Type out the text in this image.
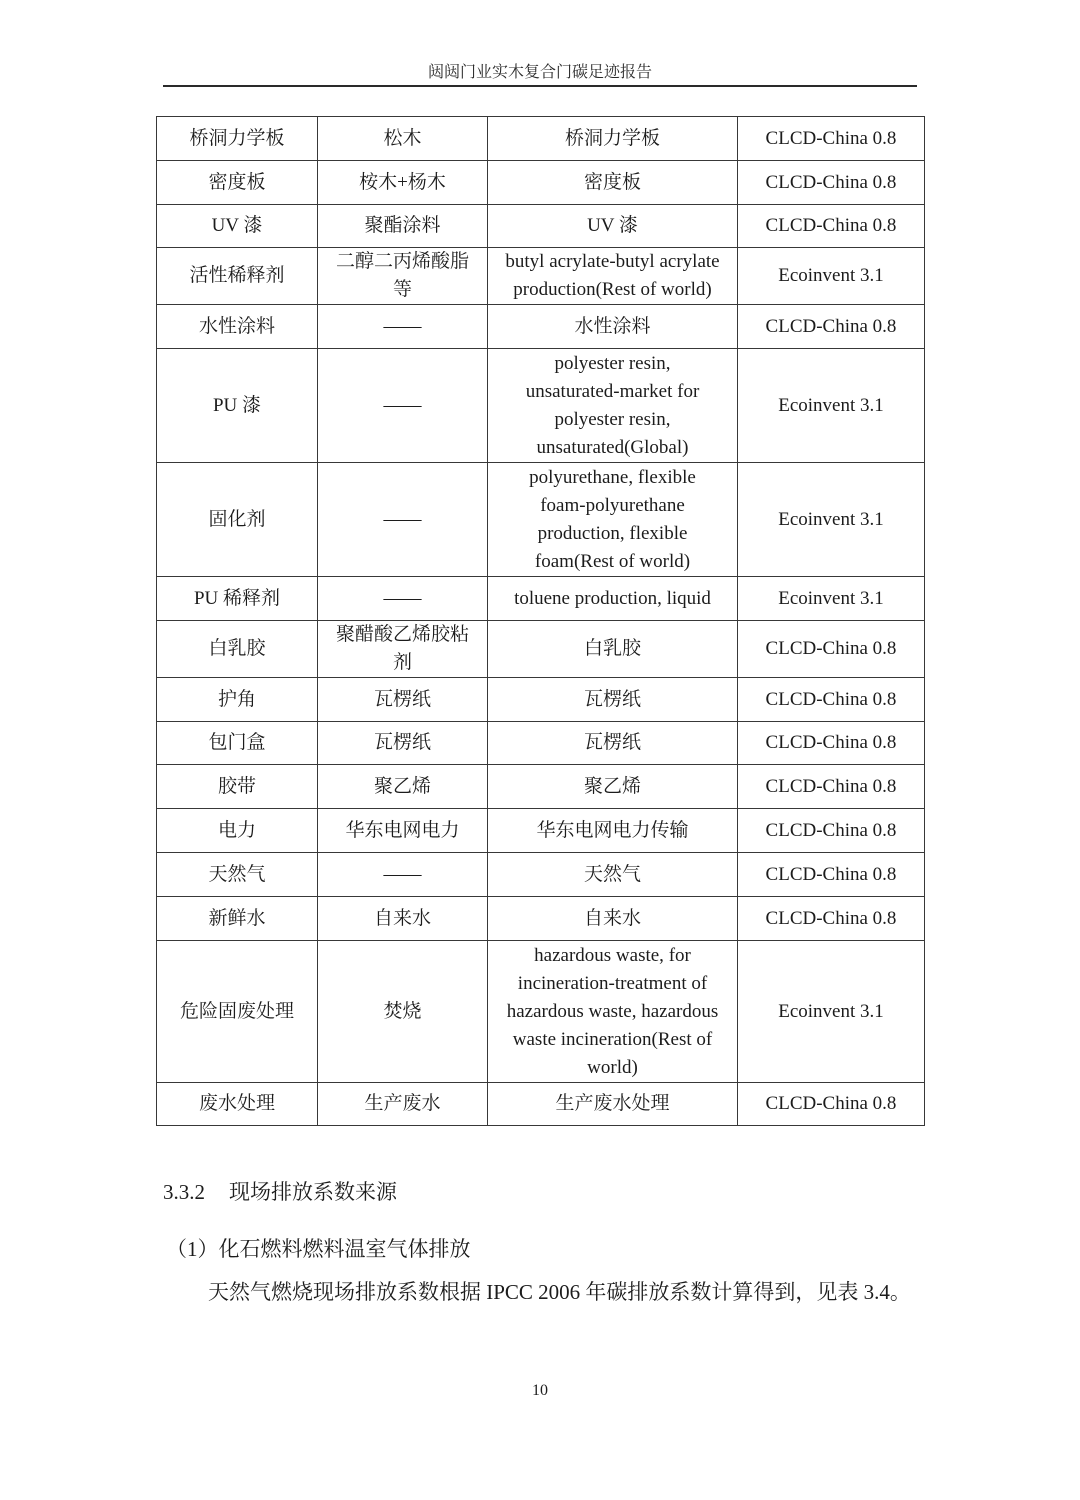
闼闼门业实木复合门碳足迹报告
桥洞力学板	松木	桥洞力学板	CLCD-China 0.8
密度板	桉木+杨木	密度板	CLCD-China 0.8
UV 漆	聚酯涂料	UV 漆	CLCD-China 0.8
活性稀释剂	二醇二丙烯酸脂等	butyl acrylate-butyl acrylate production(Rest of world)	Ecoinvent 3.1
水性涂料	——	水性涂料	CLCD-China 0.8
PU 漆	——	polyester resin, unsaturated-market for polyester resin, unsaturated(Global)	Ecoinvent 3.1
固化剂	——	polyurethane, flexible foam-polyurethane production, flexible foam(Rest of world)	Ecoinvent 3.1
PU 稀释剂	——	toluene production, liquid	Ecoinvent 3.1
白乳胶	聚醋酸乙烯胶粘剂	白乳胶	CLCD-China 0.8
护角	瓦楞纸	瓦楞纸	CLCD-China 0.8
包门盒	瓦楞纸	瓦楞纸	CLCD-China 0.8
胶带	聚乙烯	聚乙烯	CLCD-China 0.8
电力	华东电网电力	华东电网电力传输	CLCD-China 0.8
天然气	——	天然气	CLCD-China 0.8
新鲜水	自来水	自来水	CLCD-China 0.8
危险固废处理	焚烧	hazardous waste, for incineration-treatment of hazardous waste, hazardous waste incineration(Rest of world)	Ecoinvent 3.1
废水处理	生产废水	生产废水处理	CLCD-China 0.8
3.3.2 现场排放系数来源
（1）化石燃料燃料温室气体排放
天然气燃烧现场排放系数根据 IPCC 2006 年碳排放系数计算得到，见表 3.4。
10
